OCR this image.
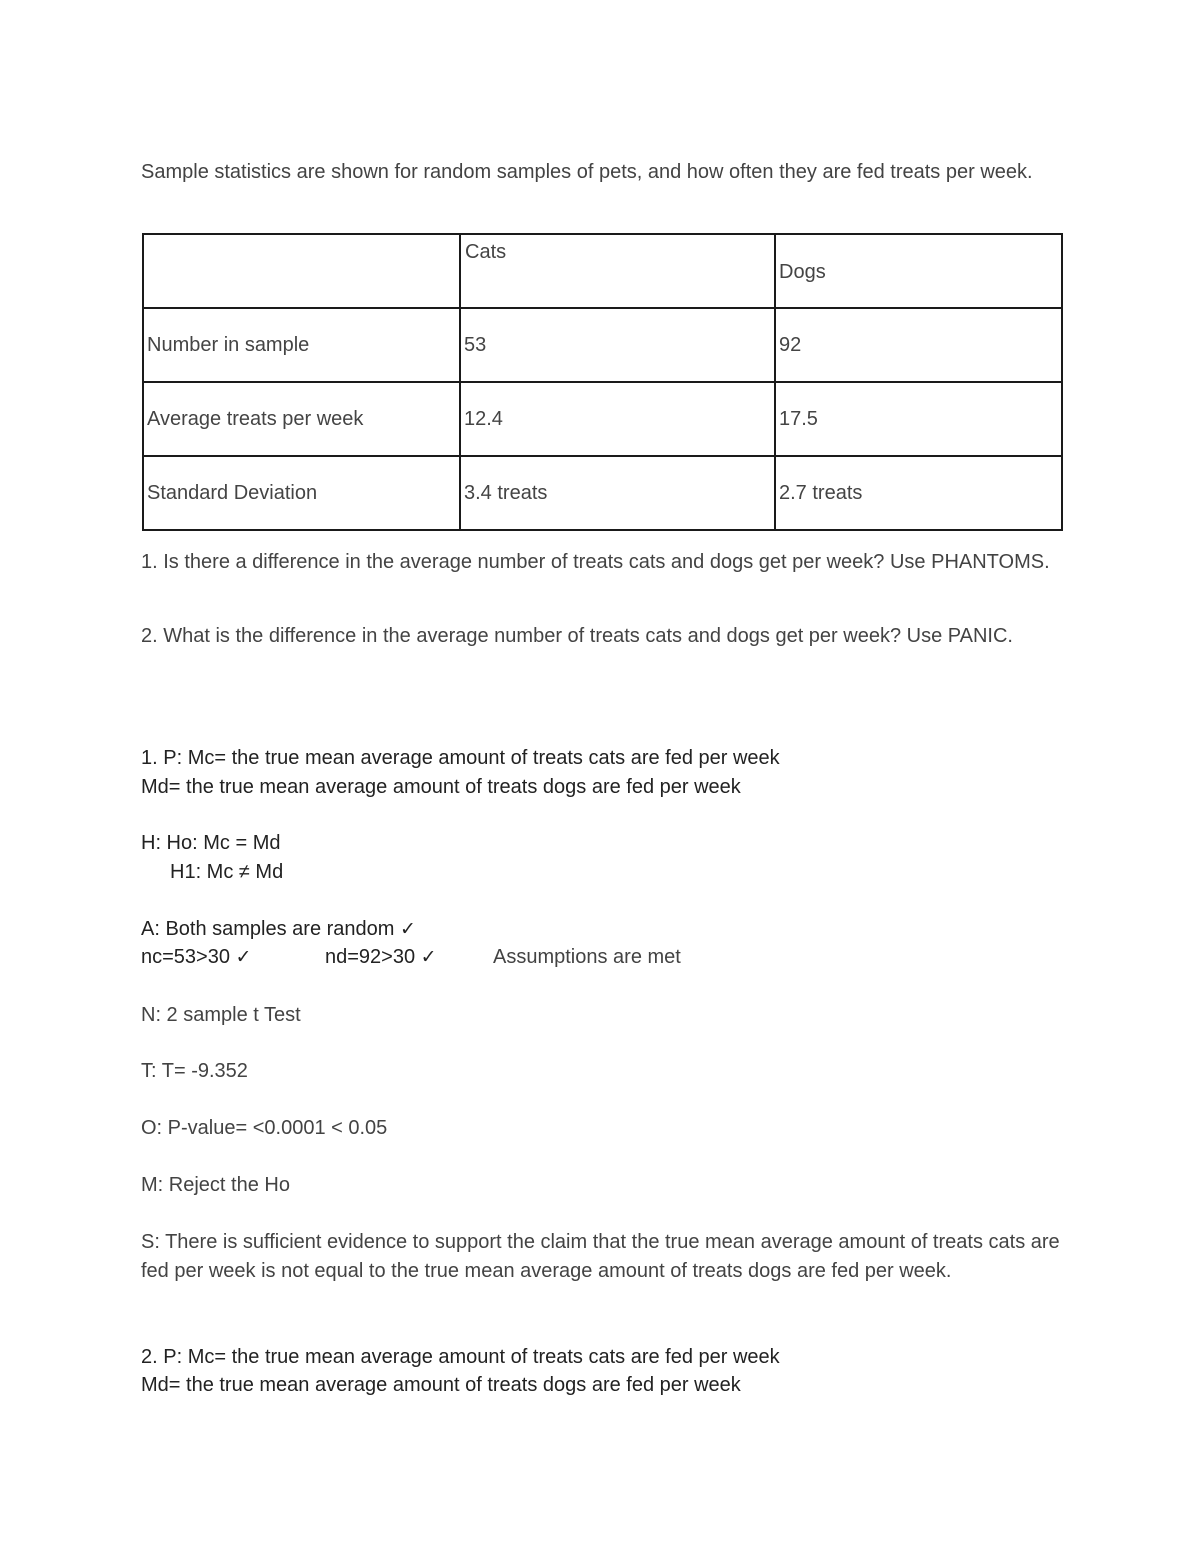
Sample statistics are shown for random samples of pets, and how often they are fed treats per week.

	Cats	Dogs
Number in sample	53	92
Average treats per week	12.4	17.5
Standard Deviation	3.4 treats	2.7 treats

1. Is there a difference in the average number of treats cats and dogs get per week? Use PHANTOMS.

2. What is the difference in the average number of treats cats and dogs get per week? Use PANIC.

1. P: Mc= the true mean average amount of treats cats are fed per week

Md= the true mean average amount of treats dogs are fed per week

H: Ho: Mc = Md

H1: Mc ≠ Md

A: Both samples are random ✓

nc=53>30 ✓	nd=92>30 ✓	Assumptions are met

N: 2 sample t Test

T: T= -9.352

O: P-value= <0.0001 < 0.05

M: Reject the Ho

S: There is sufficient evidence to support the claim that the true mean average amount of treats cats are fed per week is not equal to the true mean average amount of treats dogs are fed per week.

2. P: Mc= the true mean average amount of treats cats are fed per week

Md= the true mean average amount of treats dogs are fed per week
